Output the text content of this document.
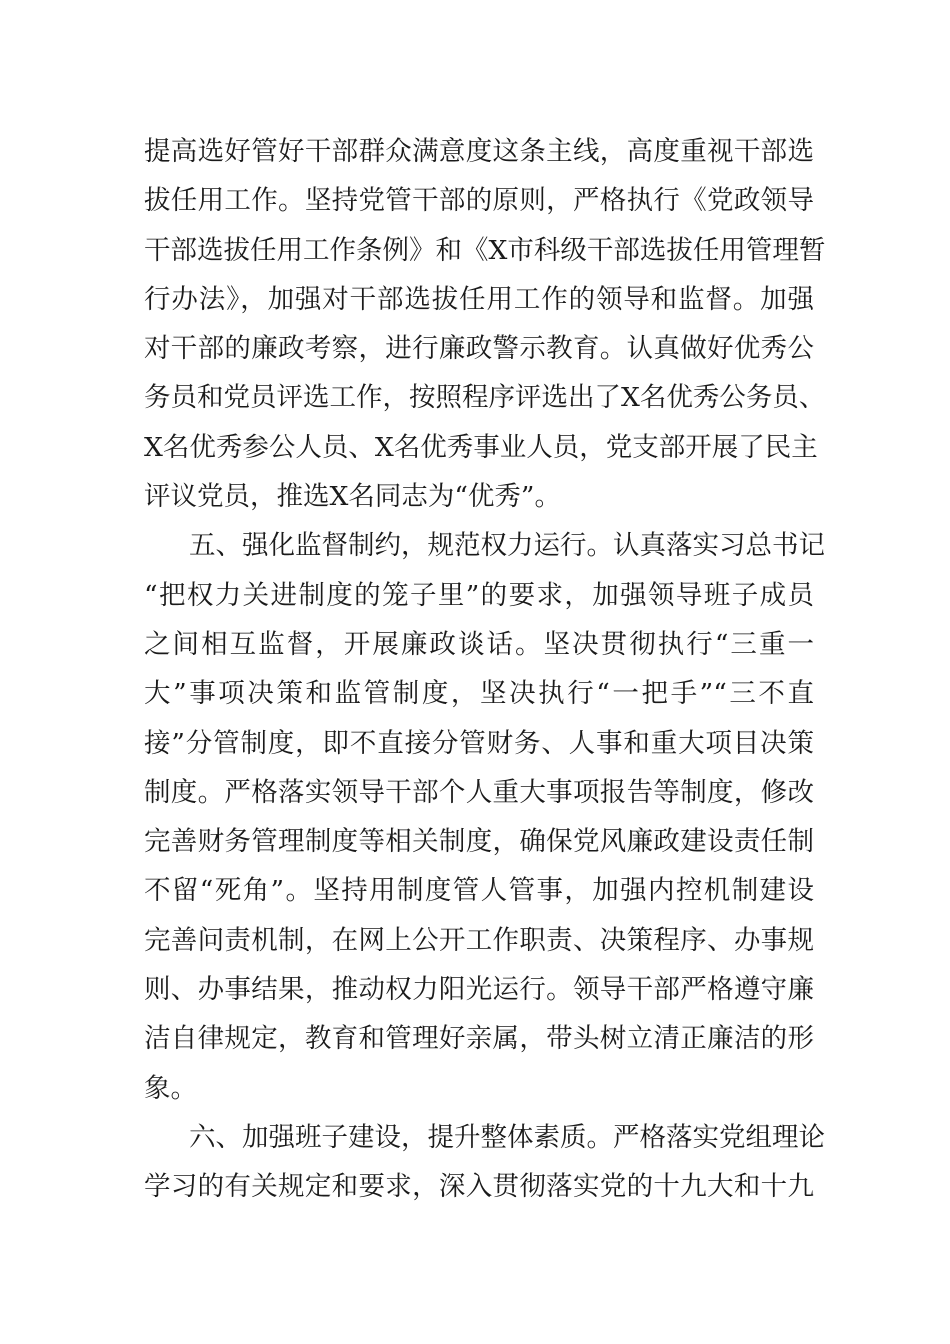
提高选好管好干部群众满意度这条主线，高度重视干部选
拔任用工作。坚持党管干部的原则，严格执行《党政领导
干部选拔任用工作条例》和《X市科级干部选拔任用管理暂
行办法》，加强对干部选拔任用工作的领导和监督。加强
对干部的廉政考察，进行廉政警示教育。认真做好优秀公
务员和党员评选工作，按照程序评选出了X名优秀公务员、
X名优秀参公人员、X名优秀事业人员，党支部开展了民主
评议党员，推选X名同志为“优秀”。
五、强化监督制约，规范权力运行。认真落实习总书记
“把权力关进制度的笼子里”的要求，加强领导班子成员
之间相互监督，开展廉政谈话。坚决贯彻执行“三重一
大”事项决策和监管制度，坚决执行“一把手”“三不直
接”分管制度，即不直接分管财务、人事和重大项目决策
制度。严格落实领导干部个人重大事项报告等制度，修改
完善财务管理制度等相关制度，确保党风廉政建设责任制
不留“死角”。坚持用制度管人管事，加强内控机制建设
完善问责机制，在网上公开工作职责、决策程序、办事规
则、办事结果，推动权力阳光运行。领导干部严格遵守廉
洁自律规定，教育和管理好亲属，带头树立清正廉洁的形
象。
六、加强班子建设，提升整体素质。严格落实党组理论
学习的有关规定和要求，深入贯彻落实党的十九大和十九
